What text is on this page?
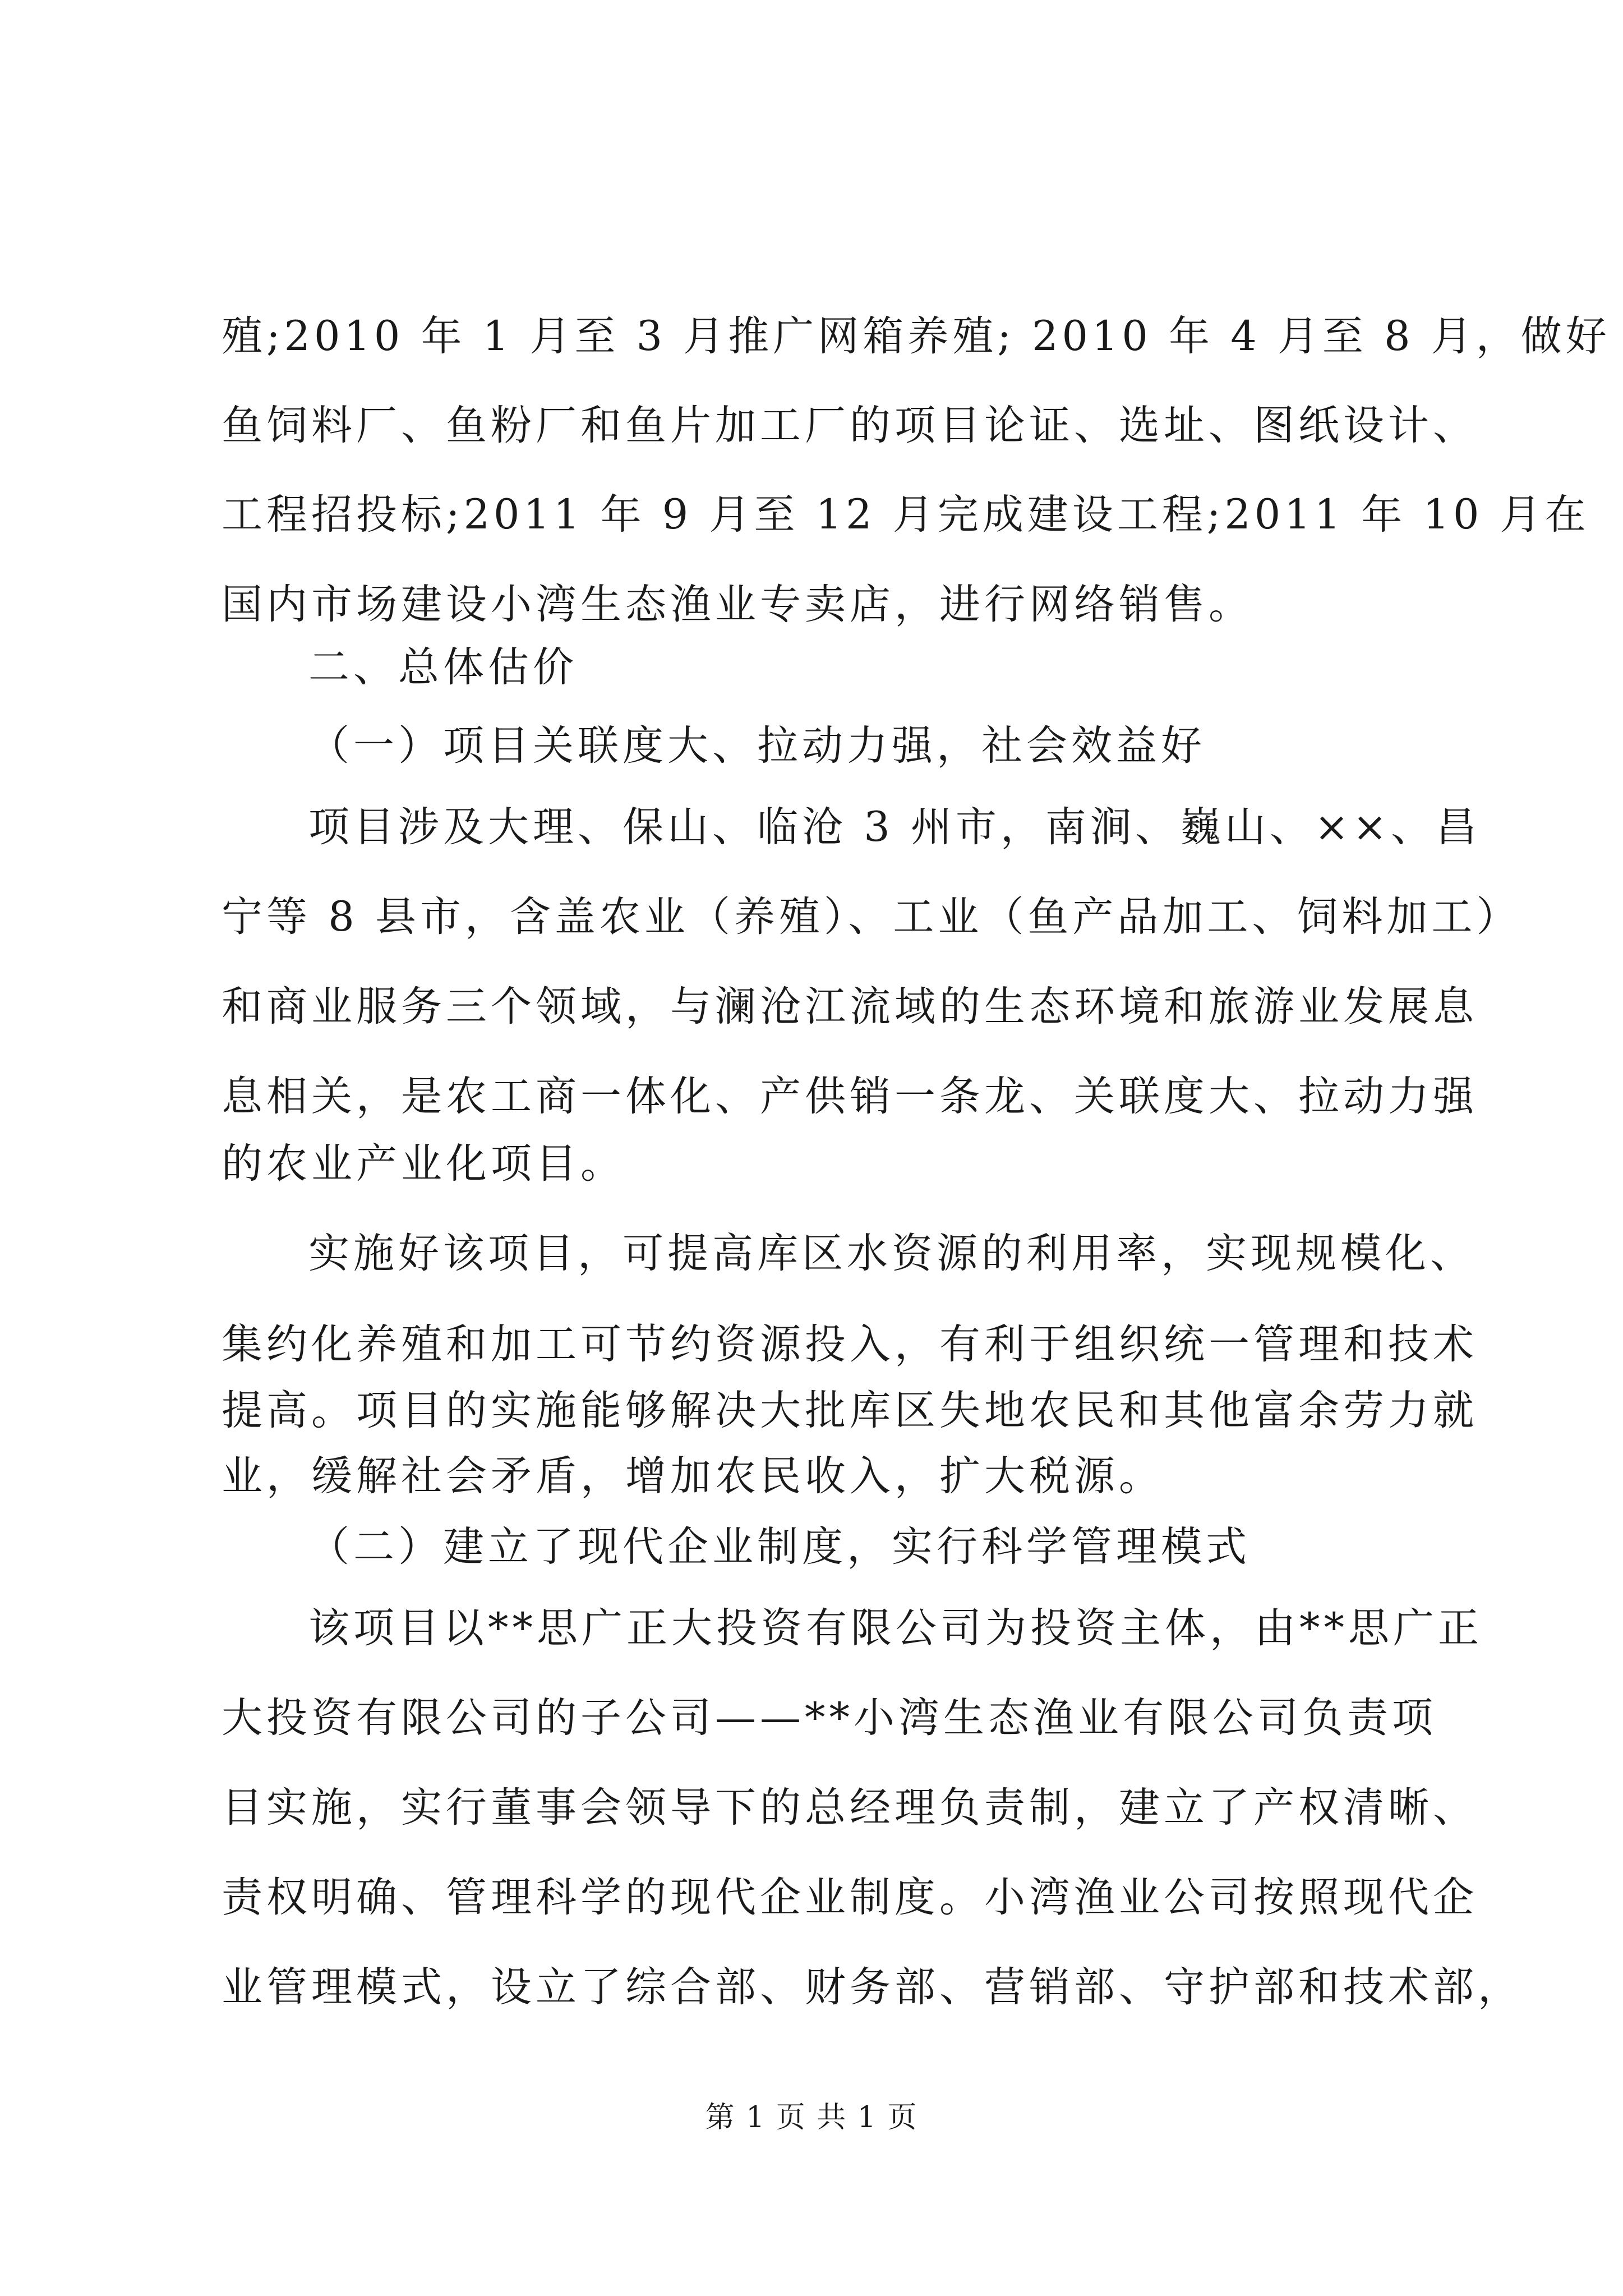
殖;2010 年 1 月至 3 月推广网箱养殖; 2010 年 4 月至 8 月，做好
鱼饲料厂、鱼粉厂和鱼片加工厂的项目论证、选址、图纸设计、
工程招投标;2011 年 9 月至 12 月完成建设工程;2011 年 10 月在
国内市场建设小湾生态渔业专卖店，进行网络销售。
二、总体估价
（一）项目关联度大、拉动力强，社会效益好
项目涉及大理、保山、临沧 3 州市，南涧、巍山、××、昌
宁等 8 县市，含盖农业（养殖）、工业（鱼产品加工、饲料加工）
和商业服务三个领域，与澜沧江流域的生态环境和旅游业发展息
息相关，是农工商一体化、产供销一条龙、关联度大、拉动力强
的农业产业化项目。
实施好该项目，可提高库区水资源的利用率，实现规模化、
集约化养殖和加工可节约资源投入，有利于组织统一管理和技术
提高。项目的实施能够解决大批库区失地农民和其他富余劳力就
业，缓解社会矛盾，增加农民收入，扩大税源。
（二）建立了现代企业制度，实行科学管理模式
该项目以**思广正大投资有限公司为投资主体，由**思广正
大投资有限公司的子公司——**小湾生态渔业有限公司负责项
目实施，实行董事会领导下的总经理负责制，建立了产权清晰、
责权明确、管理科学的现代企业制度。小湾渔业公司按照现代企
业管理模式，设立了综合部、财务部、营销部、守护部和技术部，
第 1 页 共 1 页
